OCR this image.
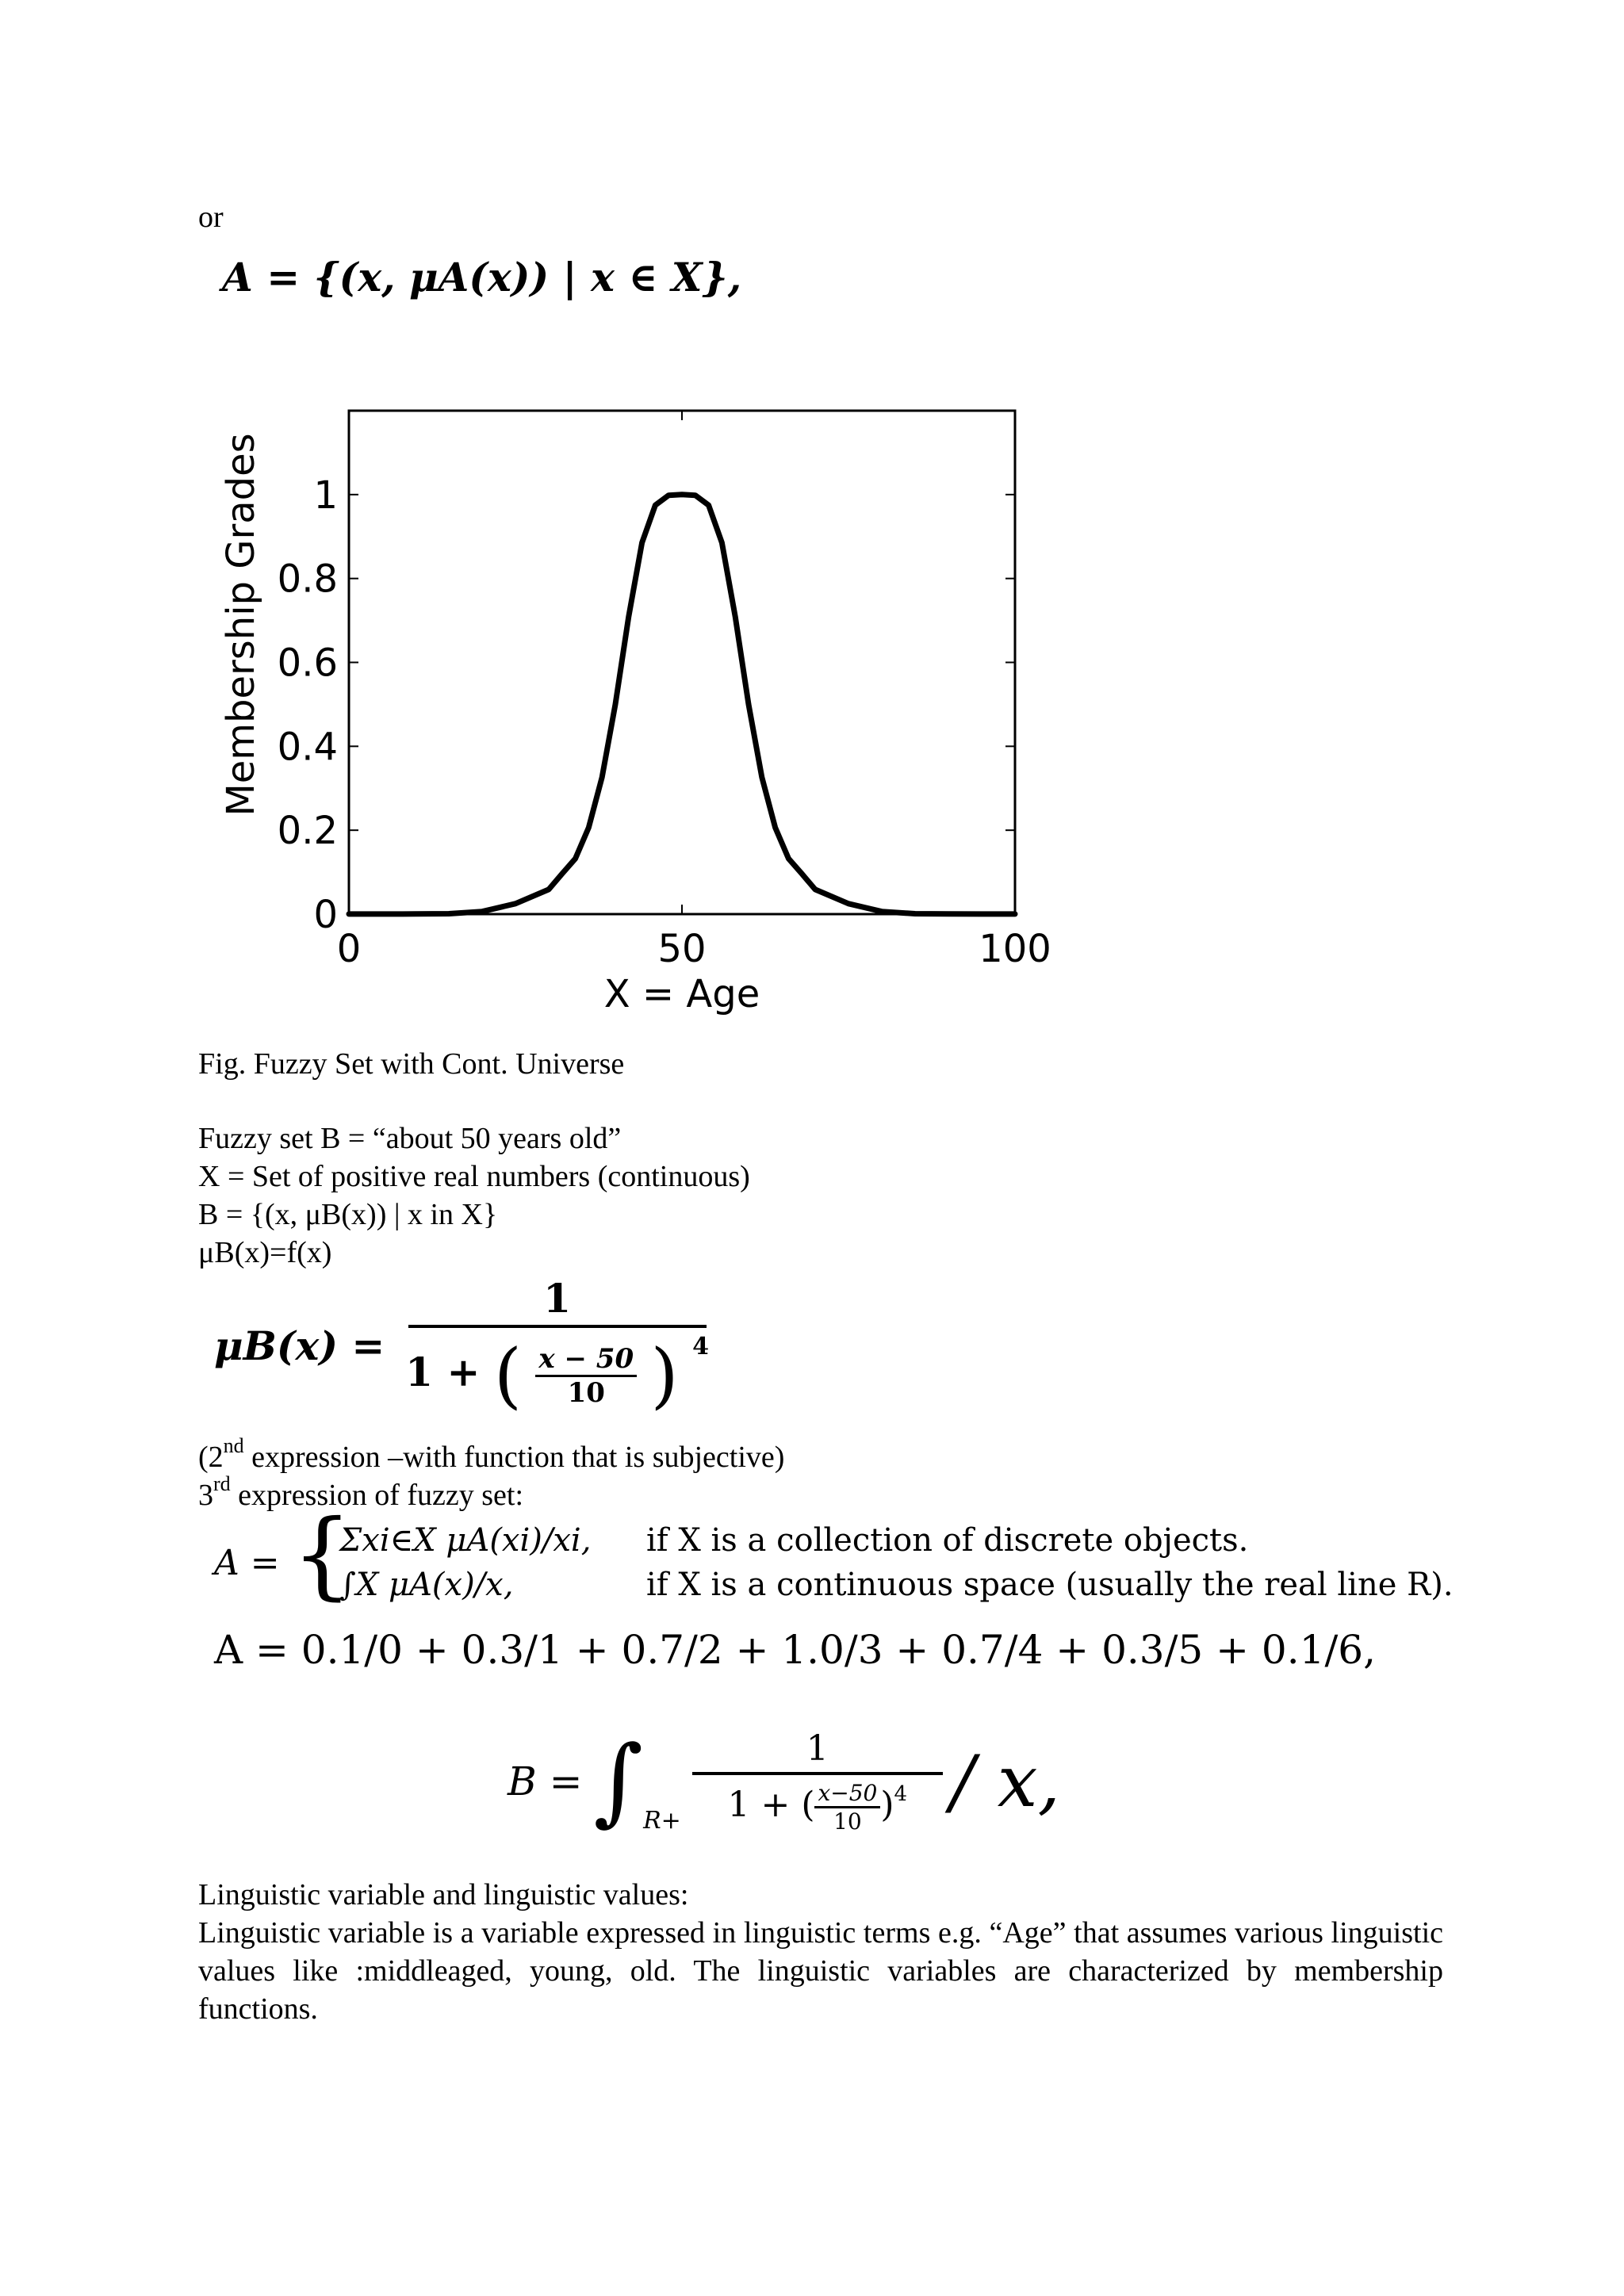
or
A = {(x, μA(x)) | x ∈ X},
0	50	100
0
0.2
0.4
0.6
0.8
1
X = Age
Membership Grades
Fig. Fuzzy Set with Cont. Universe
Fuzzy set B = “about 50 years old”
X = Set of positive real numbers (continuous)
B = {(x, μB(x)) | x in X}
μB(x)=f(x)
μB(x) =
1
1 + ( $\frac{x - 50}{10}$ ) $^4$
(2nd expression –with function that is subjective)
3rd expression of fuzzy set:
A = {
Σxi∈X μA(xi)/xi, if X is a collection of discrete objects.
∫X μA(x)/x,	if X is a continuous space (usually the real line R).
A = 0.1/0 + 0.3/1 + 0.7/2 + 1.0/3 + 0.7/4 + 0.3/5 + 0.1/6,
B = ∫ $R+ \frac{1}{1 + ( \frac{x-50}{10} )^4} / x$,
Linguistic variable and linguistic values:
Linguistic variable is a variable expressed in linguistic terms e.g. “Age” that assumes various linguistic values like :middleaged, young, old. The linguistic variables are characterized by membership functions.
